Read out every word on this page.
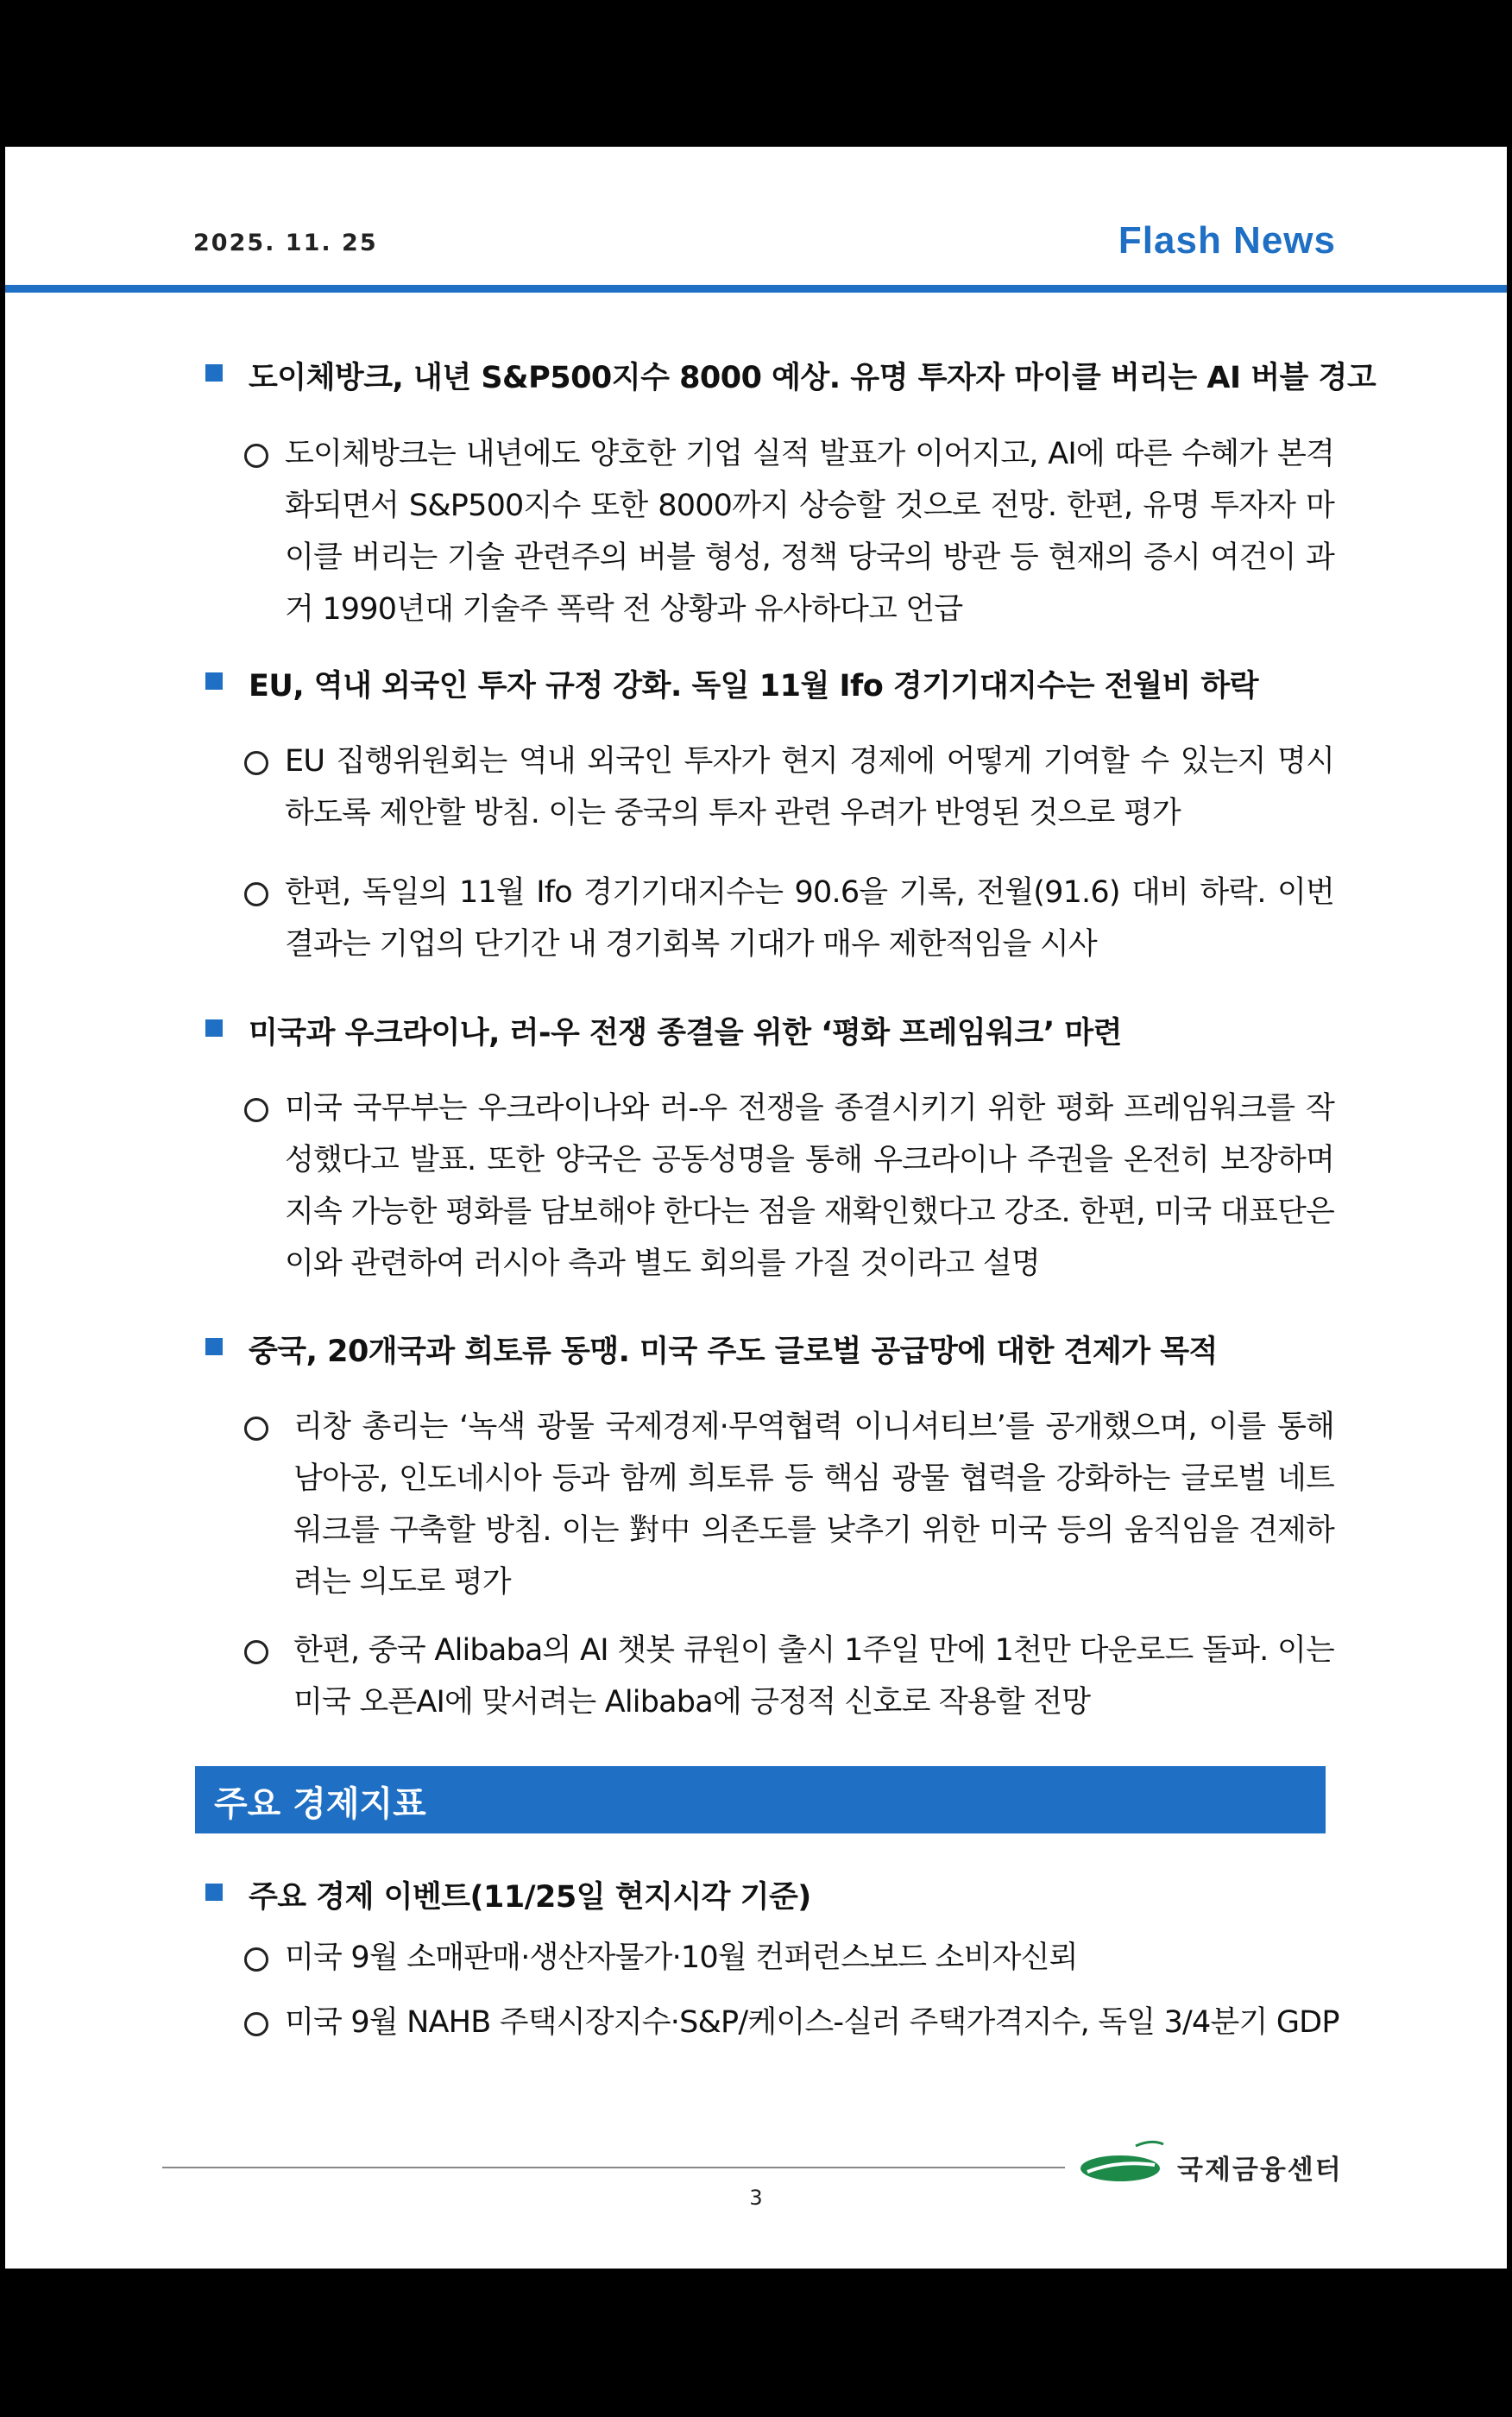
2025. 11. 25	Flash News
도이체방크, 내년 S&P500지수 8000 예상. 유명 투자자 마이클 버리는 AI 버블 경고
도이체방크는 내년에도 양호한 기업 실적 발표가 이어지고, AI에 따른 수혜가 본격화되면서 S&P500지수 또한 8000까지 상승할 것으로 전망. 한편, 유명 투자자 마이클 버리는 기술 관련주의 버블 형성, 정책 당국의 방관 등 현재의 증시 여건이 과거 1990년대 기술주 폭락 전 상황과 유사하다고 언급
EU, 역내 외국인 투자 규정 강화. 독일 11월 Ifo 경기기대지수는 전월비 하락
EU 집행위원회는 역내 외국인 투자가 현지 경제에 어떻게 기여할 수 있는지 명시하도록 제안할 방침. 이는 중국의 투자 관련 우려가 반영된 것으로 평가
한편, 독일의 11월 Ifo 경기기대지수는 90.6을 기록, 전월(91.6) 대비 하락. 이번 결과는 기업의 단기간 내 경기회복 기대가 매우 제한적임을 시사
미국과 우크라이나, 러-우 전쟁 종결을 위한 ‘평화 프레임워크’ 마련
미국 국무부는 우크라이나와 러-우 전쟁을 종결시키기 위한 평화 프레임워크를 작성했다고 발표. 또한 양국은 공동성명을 통해 우크라이나 주권을 온전히 보장하며 지속 가능한 평화를 담보해야 한다는 점을 재확인했다고 강조. 한편, 미국 대표단은 이와 관련하여 러시아 측과 별도 회의를 가질 것이라고 설명
중국, 20개국과 희토류 동맹. 미국 주도 글로벌 공급망에 대한 견제가 목적
리창 총리는 ‘녹색 광물 국제경제·무역협력 이니셔티브’를 공개했으며, 이를 통해 남아공, 인도네시아 등과 함께 희토류 등 핵심 광물 협력을 강화하는 글로벌 네트워크를 구축할 방침. 이는 對中 의존도를 낮추기 위한 미국 등의 움직임을 견제하려는 의도로 평가
한편, 중국 Alibaba의 AI 챗봇 큐원이 출시 1주일 만에 1천만 다운로드 돌파. 이는 미국 오픈AI에 맞서려는 Alibaba에 긍정적 신호로 작용할 전망
주요 경제지표
주요 경제 이벤트(11/25일 현지시각 기준)
미국 9월 소매판매·생산자물가·10월 컨퍼런스보드 소비자신뢰
미국 9월 NAHB 주택시장지수·S&P/케이스-실러 주택가격지수, 독일 3/4분기 GDP
국제금융센터
3
